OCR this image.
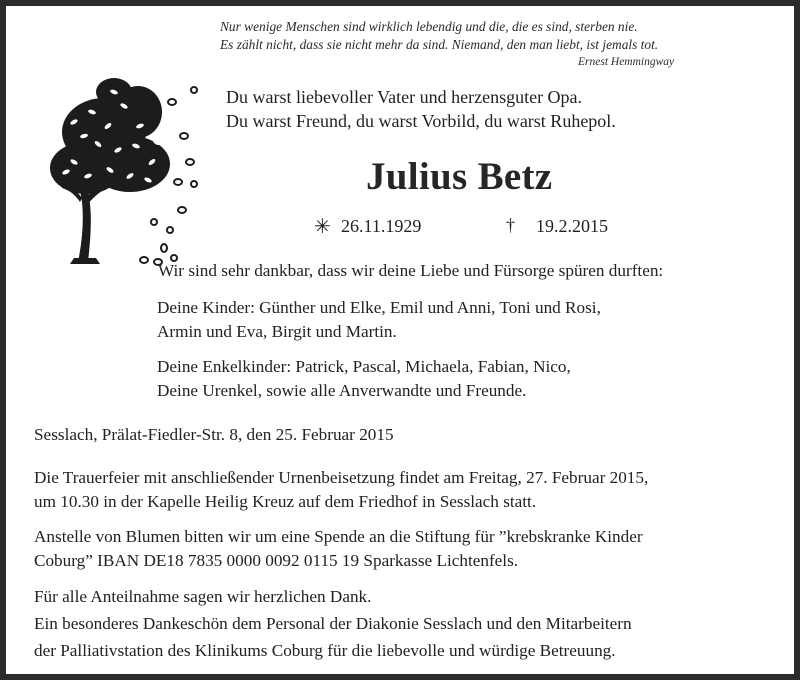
Nur wenige Menschen sind wirklich lebendig und die, die es sind, sterben nie.
Es zählt nicht, dass sie nicht mehr da sind. Niemand, den man liebt, ist jemals tot.
Ernest Hemmingway
Du warst liebevoller Vater und herzensguter Opa.
Du warst Freund, du warst Vorbild, du warst Ruhepol.
Julius Betz
✳ 26.11.1929	† 19.2.2015
Wir sind sehr dankbar, dass wir deine Liebe und Fürsorge spüren durften:
Deine Kinder: Günther und Elke, Emil und Anni, Toni und Rosi,
Armin und Eva, Birgit und Martin.
Deine Enkelkinder: Patrick, Pascal, Michaela, Fabian, Nico,
Deine Urenkel, sowie alle Anverwandte und Freunde.
Sesslach, Prälat-Fiedler-Str. 8, den 25. Februar 2015
Die Trauerfeier mit anschließender Urnenbeisetzung findet am Freitag, 27. Februar 2015,
um 10.30 in der Kapelle Heilig Kreuz auf dem Friedhof in Sesslach statt.
Anstelle von Blumen bitten wir um eine Spende an die Stiftung für ”krebskranke Kinder
Coburg” IBAN DE18 7835 0000 0092 0115 19 Sparkasse Lichtenfels.
Für alle Anteilnahme sagen wir herzlichen Dank.
Ein besonderes Dankeschön dem Personal der Diakonie Sesslach und den Mitarbeitern
der Palliativstation des Klinikums Coburg für die liebevolle und würdige Betreuung.
